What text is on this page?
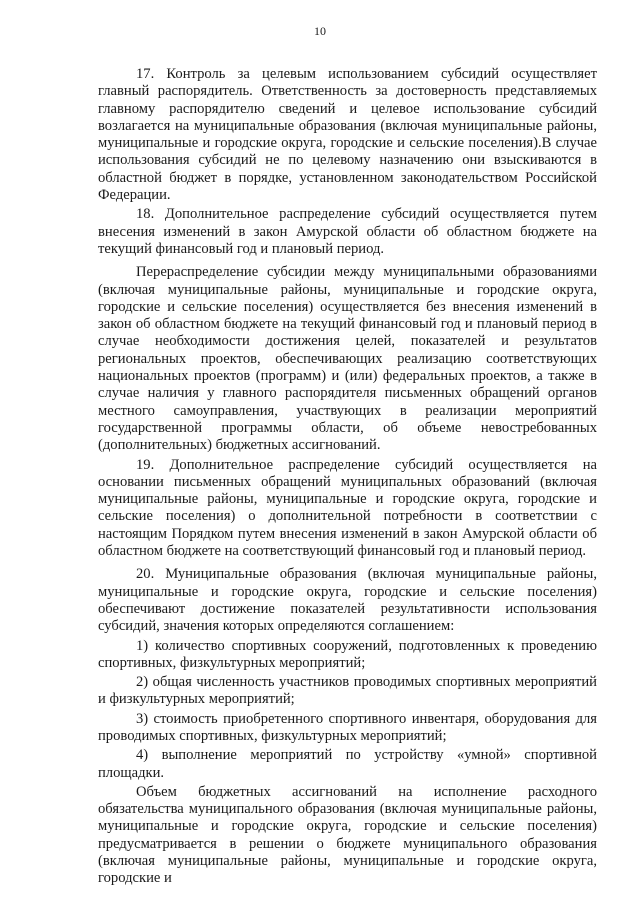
10

17. Контроль за целевым использованием субсидий осуществляет главный распорядитель. Ответственность за достоверность представляемых главному распорядителю сведений и целевое использование субсидий возлагается на муниципальные образования (включая муниципальные районы, муниципальные и городские округа, городские и сельские поселения).В случае использования субсидий не по целевому назначению они взыскиваются в областной бюджет в порядке, установленном законодательством Российской Федерации.

18. Дополнительное распределение субсидий осуществляется путем внесения изменений в закон Амурской области об областном бюджете на текущий финансовый год и плановый период.

Перераспределение субсидии между муниципальными образованиями (включая муниципальные районы, муниципальные и городские округа, городские и сельские поселения) осуществляется без внесения изменений в закон об областном бюджете на текущий финансовый год и плановый период в случае необходимости достижения целей, показателей и результатов региональных проектов, обеспечивающих реализацию соответствующих национальных проектов (программ) и (или) федеральных проектов, а также в случае наличия у главного распорядителя письменных обращений органов местного самоуправления, участвующих в реализации мероприятий государственной программы области, об объеме невостребованных (дополнительных) бюджетных ассигнований.

19. Дополнительное распределение субсидий осуществляется на основании письменных обращений муниципальных образований (включая муниципальные районы, муниципальные и городские округа, городские и сельские поселения) о дополнительной потребности в соответствии с настоящим Порядком путем внесения изменений в закон Амурской области об областном бюджете на соответствующий финансовый год и плановый период.

20. Муниципальные образования (включая муниципальные районы, муниципальные и городские округа, городские и сельские поселения) обеспечивают достижение показателей результативности использования субсидий, значения которых определяются соглашением:

1) количество спортивных сооружений, подготовленных к проведению спортивных, физкультурных мероприятий;

2) общая численность участников проводимых спортивных мероприятий и физкультурных мероприятий;

3) стоимость приобретенного спортивного инвентаря, оборудования для проводимых спортивных, физкультурных мероприятий;

4) выполнение мероприятий по устройству «умной» спортивной площадки.

Объем бюджетных ассигнований на исполнение расходного обязательства муниципального образования (включая муниципальные районы, муниципальные и городские округа, городские и сельские поселения) предусматривается в решении о бюджете муниципального образования (включая муниципальные районы, муниципальные и городские округа, городские и
